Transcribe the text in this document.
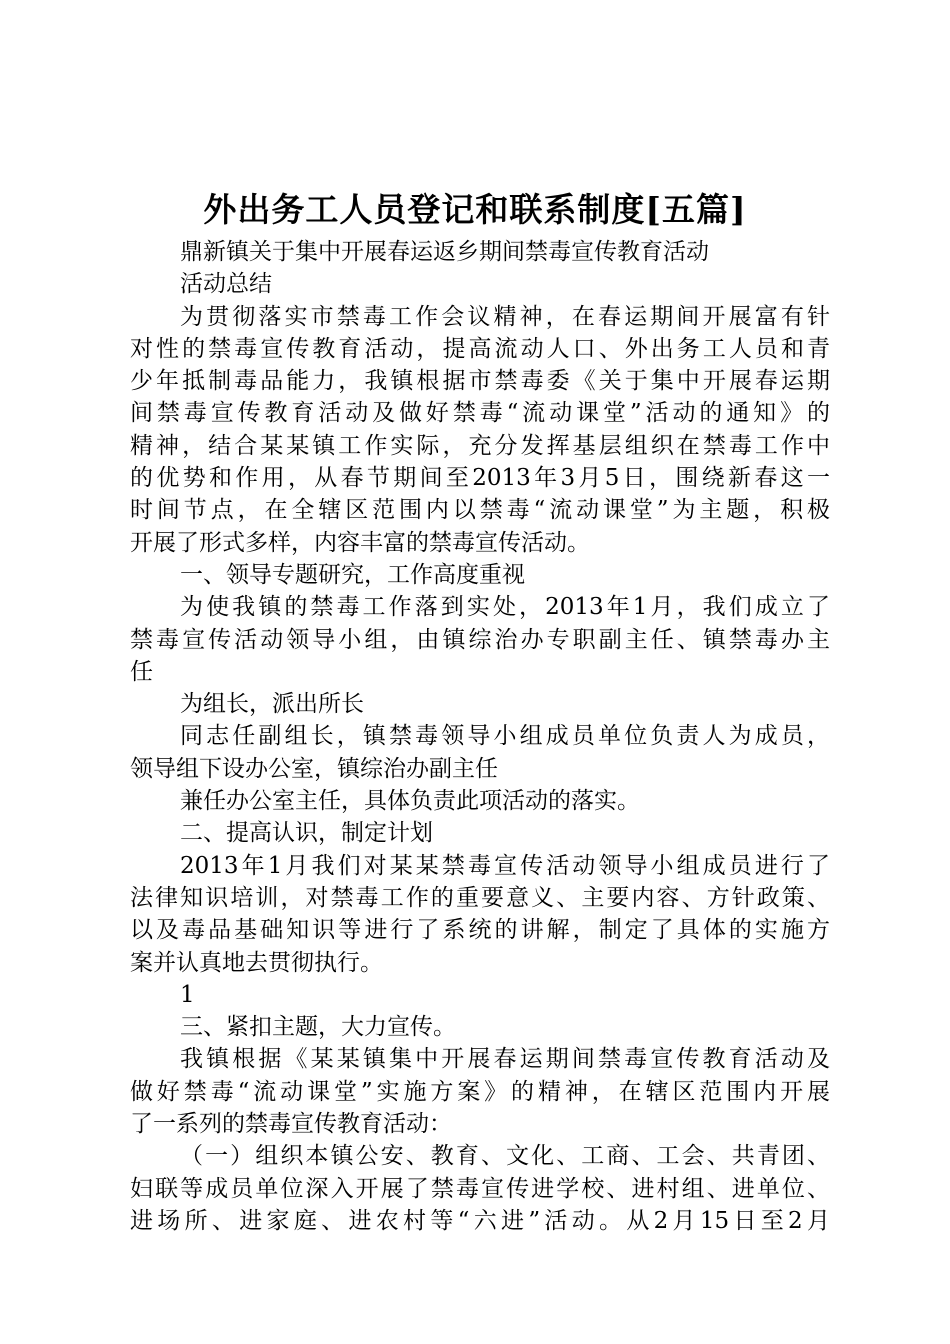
外出务工人员登记和联系制度[五篇]
鼎新镇关于集中开展春运返乡期间禁毒宣传教育活动
活动总结
为贯彻落实市禁毒工作会议精神，在春运期间开展富有针
对性的禁毒宣传教育活动，提高流动人口、外出务工人员和青
少年抵制毒品能力，我镇根据市禁毒委《关于集中开展春运期
间禁毒宣传教育活动及做好禁毒“流动课堂”活动的通知》的
精神，结合某某镇工作实际，充分发挥基层组织在禁毒工作中
的优势和作用，从春节期间至2013年3月5日，围绕新春这一
时间节点，在全辖区范围内以禁毒“流动课堂”为主题，积极
开展了形式多样，内容丰富的禁毒宣传活动。
一、领导专题研究，工作高度重视
为使我镇的禁毒工作落到实处，2013年1月，我们成立了
禁毒宣传活动领导小组，由镇综治办专职副主任、镇禁毒办主
任
为组长，派出所长
同志任副组长，镇禁毒领导小组成员单位负责人为成员，
领导组下设办公室，镇综治办副主任
兼任办公室主任，具体负责此项活动的落实。
二、提高认识，制定计划
2013年1月我们对某某禁毒宣传活动领导小组成员进行了
法律知识培训，对禁毒工作的重要意义、主要内容、方针政策、
以及毒品基础知识等进行了系统的讲解，制定了具体的实施方
案并认真地去贯彻执行。
1
三、紧扣主题，大力宣传。
我镇根据《某某镇集中开展春运期间禁毒宣传教育活动及
做好禁毒“流动课堂”实施方案》的精神，在辖区范围内开展
了一系列的禁毒宣传教育活动：
（一）组织本镇公安、教育、文化、工商、工会、共青团、
妇联等成员单位深入开展了禁毒宣传进学校、进村组、进单位、
进场所、进家庭、进农村等“六进”活动。从2月15日至2月
